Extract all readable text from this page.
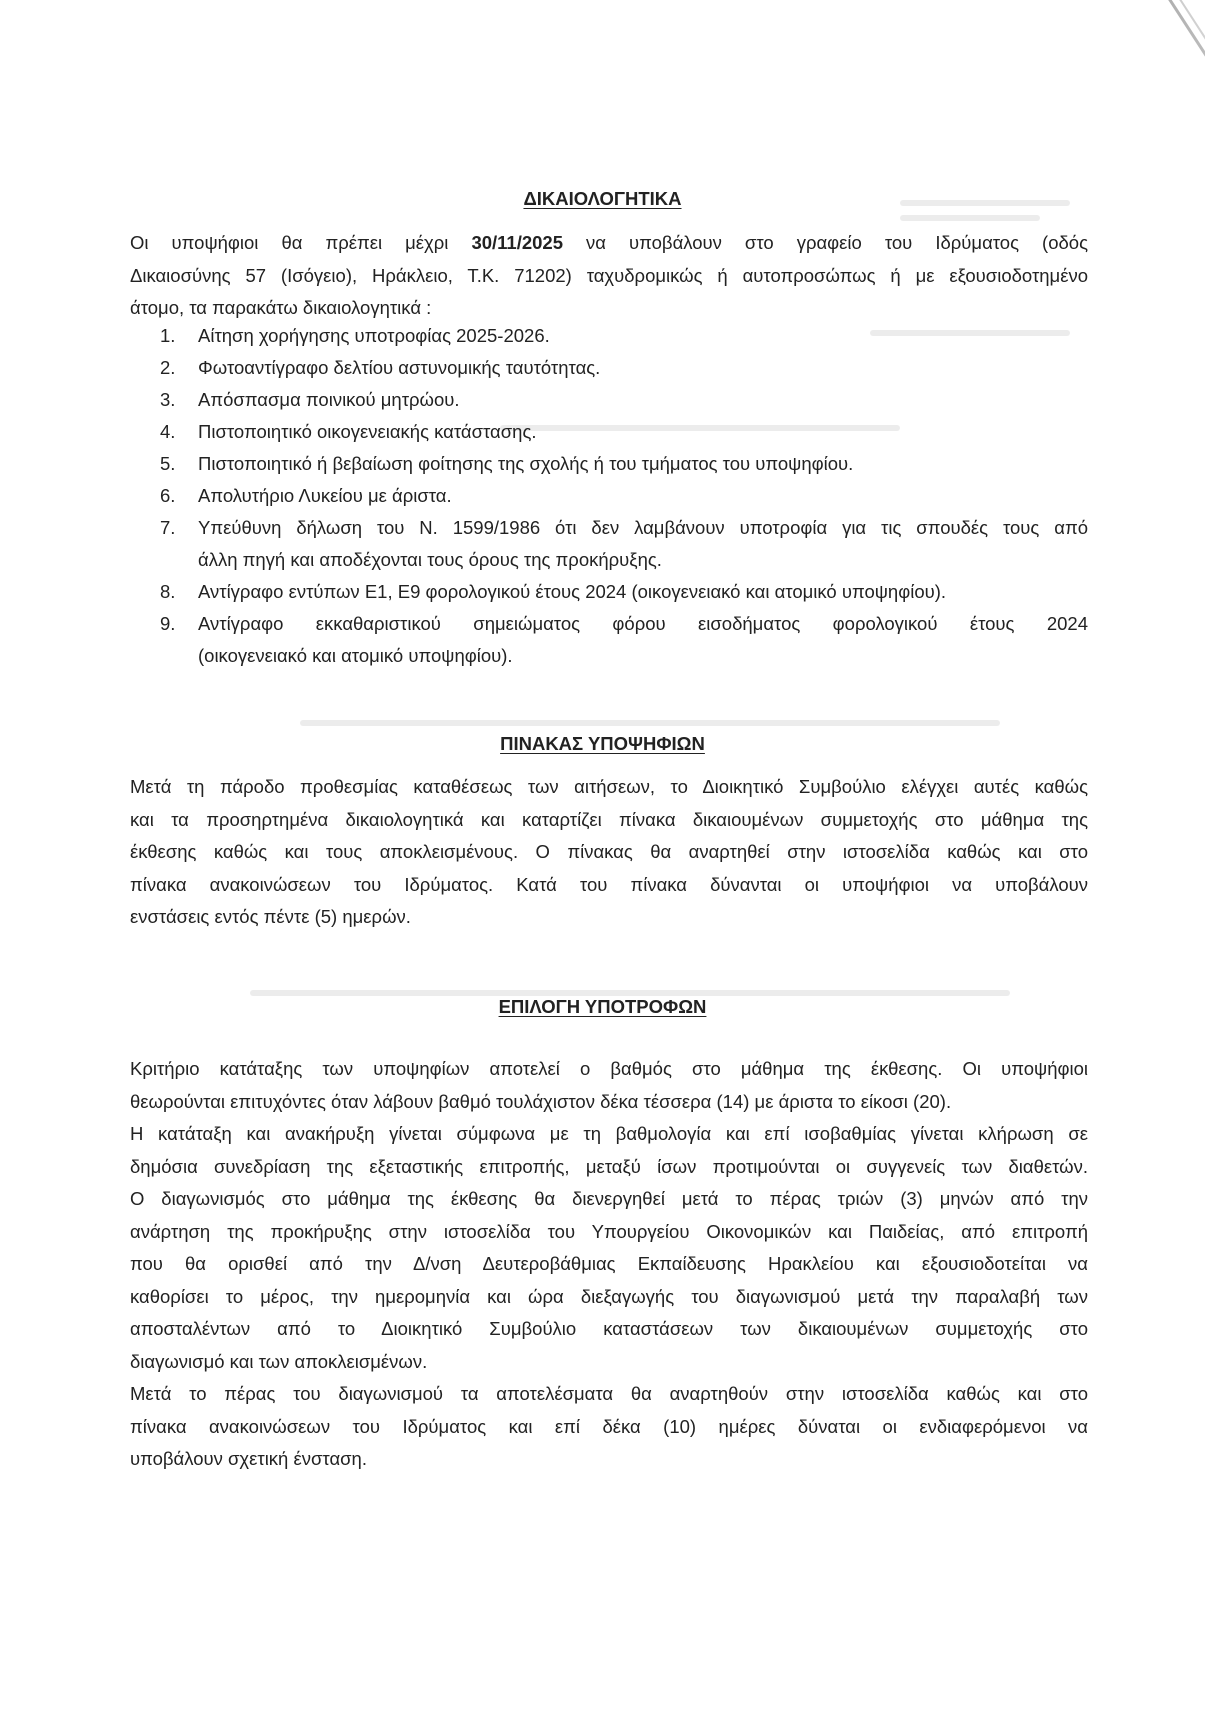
ΔΙΚΑΙΟΛΟΓΗΤΙΚΑ

Οι υποψήφιοι θα πρέπει μέχρι 30/11/2025 να υποβάλουν στο γραφείο του Ιδρύματος (οδός
Δικαιοσύνης 57 (Ισόγειο), Ηράκλειο, Τ.Κ. 71202) ταχυδρομικώς ή αυτοπροσώπως ή με εξουσιοδοτημένο
άτομο, τα παρακάτω δικαιολογητικά :

1. Αίτηση χορήγησης υποτροφίας 2025-2026.
2. Φωτοαντίγραφο δελτίου αστυνομικής ταυτότητας.
3. Απόσπασμα ποινικού μητρώου.
4. Πιστοποιητικό οικογενειακής κατάστασης.
5. Πιστοποιητικό ή βεβαίωση φοίτησης της σχολής ή του τμήματος του υποψηφίου.
6. Απολυτήριο Λυκείου με άριστα.
7. Υπεύθυνη δήλωση του Ν. 1599/1986 ότι δεν λαμβάνουν υποτροφία για τις σπουδές τους από
άλλη πηγή και αποδέχονται τους όρους της προκήρυξης.
8. Αντίγραφο εντύπων Ε1, Ε9 φορολογικού έτους 2024 (οικογενειακό και ατομικό υποψηφίου).
9. Αντίγραφο εκκαθαριστικού σημειώματος φόρου εισοδήματος φορολογικού έτους 2024
(οικογενειακό και ατομικό υποψηφίου).
ΠΙΝΑΚΑΣ ΥΠΟΨΗΦΙΩΝ

Μετά τη πάροδο προθεσμίας καταθέσεως των αιτήσεων, το Διοικητικό Συμβούλιο ελέγχει αυτές καθώς
και τα προσηρτημένα δικαιολογητικά και καταρτίζει πίνακα δικαιουμένων συμμετοχής στο μάθημα της
έκθεσης καθώς και τους αποκλεισμένους. Ο πίνακας θα αναρτηθεί στην ιστοσελίδα καθώς και στο
πίνακα ανακοινώσεων του Ιδρύματος. Κατά του πίνακα δύνανται οι υποψήφιοι να υποβάλουν
ενστάσεις εντός πέντε (5) ημερών.

ΕΠΙΛΟΓΗ ΥΠΟΤΡΟΦΩΝ

Κριτήριο κατάταξης των υποψηφίων αποτελεί ο βαθμός στο μάθημα της έκθεσης. Οι υποψήφιοι
θεωρούνται επιτυχόντες όταν λάβουν βαθμό τουλάχιστον δέκα τέσσερα (14) με άριστα το είκοσι (20).
Η κατάταξη και ανακήρυξη γίνεται σύμφωνα με τη βαθμολογία και επί ισοβαθμίας γίνεται κλήρωση σε
δημόσια συνεδρίαση της εξεταστικής επιτροπής, μεταξύ ίσων προτιμούνται οι συγγενείς των διαθετών.
Ο διαγωνισμός στο μάθημα της έκθεσης θα διενεργηθεί μετά το πέρας τριών (3) μηνών από την
ανάρτηση της προκήρυξης στην ιστοσελίδα του Υπουργείου Οικονομικών και Παιδείας, από επιτροπή
που θα ορισθεί από την Δ/νση Δευτεροβάθμιας Εκπαίδευσης Ηρακλείου και εξουσιοδοτείται να
καθορίσει το μέρος, την ημερομηνία και ώρα διεξαγωγής του διαγωνισμού μετά την παραλαβή των
αποσταλέντων από το Διοικητικό Συμβούλιο καταστάσεων των δικαιουμένων συμμετοχής στο
διαγωνισμό και των αποκλεισμένων.
Μετά το πέρας του διαγωνισμού τα αποτελέσματα θα αναρτηθούν στην ιστοσελίδα καθώς και στο
πίνακα ανακοινώσεων του Ιδρύματος και επί δέκα (10) ημέρες δύναται οι ενδιαφερόμενοι να
υποβάλουν σχετική ένσταση.
